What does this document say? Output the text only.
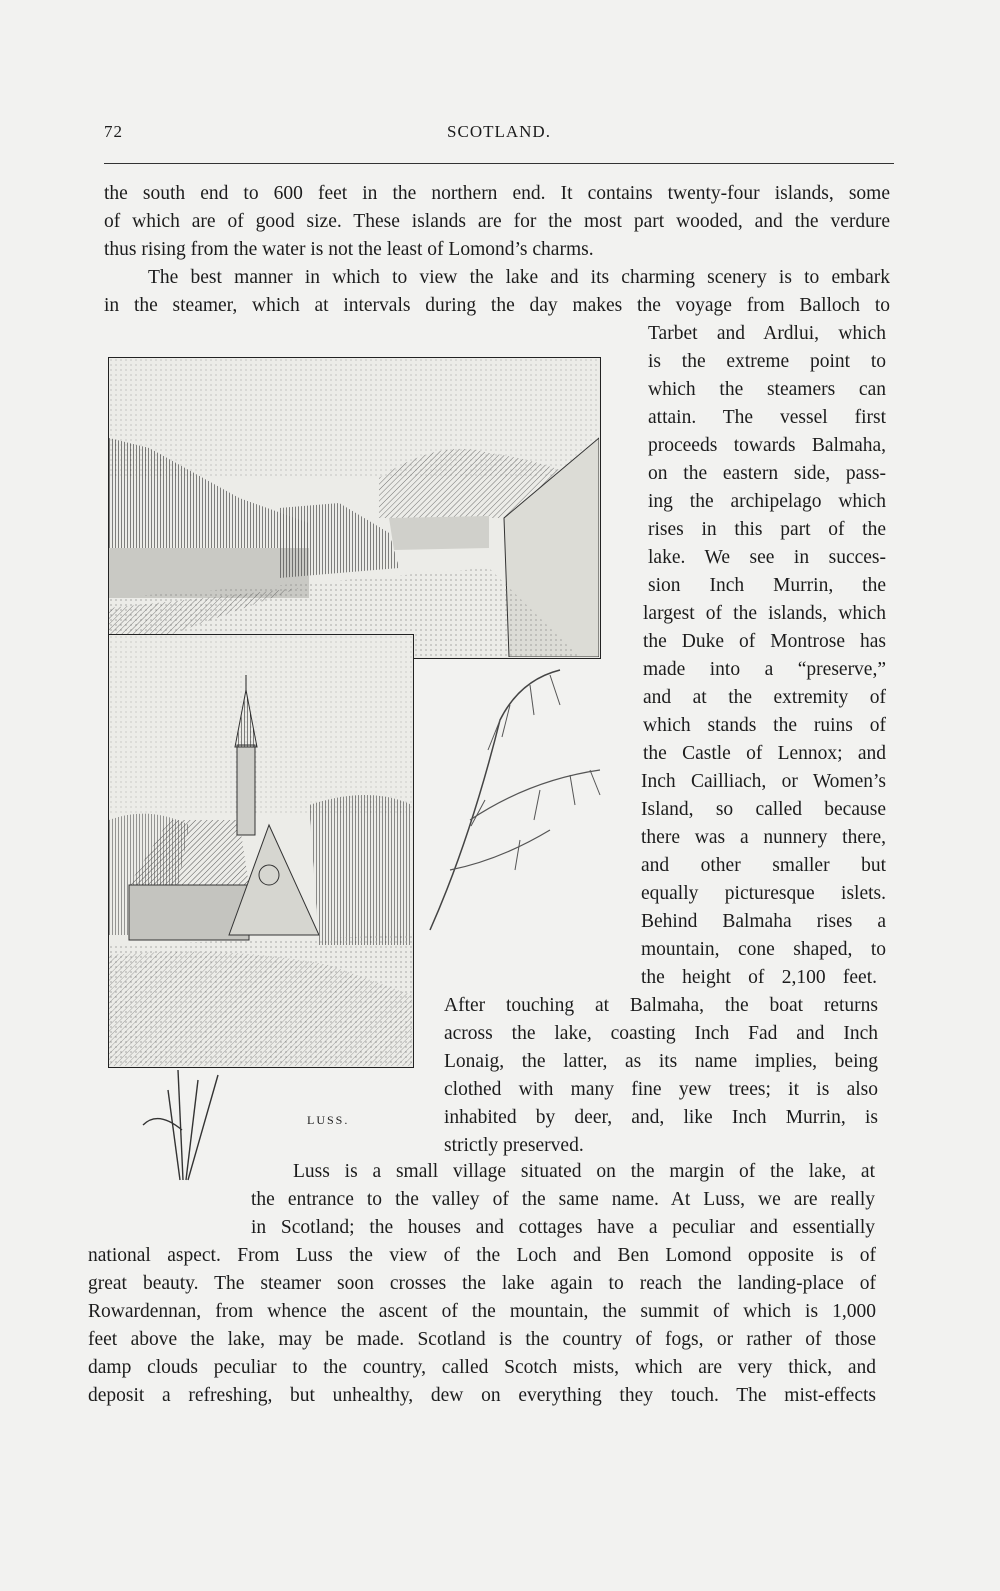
72	SCOTLAND.
the south end to 600 feet in the northern end. It contains twenty-four islands, some
of which are of good size. These islands are for the most part wooded, and the verdure
thus rising from the water is not the least of Lomond’s charms.
The best manner in which to view the lake and its charming scenery is to embark
in the steamer, which at intervals during the day makes the voyage from Balloch to
Tarbet and Ardlui, which
is the extreme point to
which the steamers can
attain. The vessel first
proceeds towards Balmaha,
on the eastern side, pass-
ing the archipelago which
rises in this part of the
lake. We see in succes-
sion Inch Murrin, the
largest of the islands, which
the Duke of Montrose has
made into a “preserve,”
and at the extremity of
which stands the ruins of
the Castle of Lennox; and
Inch Cailliach, or Women’s
Island, so called because
there was a nunnery there,
and other smaller but
equally picturesque islets.
Behind Balmaha rises a
mountain, cone shaped, to
the height of 2,100 feet.
After touching at Balmaha, the boat returns
across the lake, coasting Inch Fad and Inch
Lonaig, the latter, as its name implies, being
clothed with many fine yew trees; it is also
inhabited by deer, and, like Inch Murrin, is
strictly preserved.
Luss is a small village situated on the margin of the lake, at
the entrance to the valley of the same name. At Luss, we are really
in Scotland; the houses and cottages have a peculiar and essentially
national aspect. From Luss the view of the Loch and Ben Lomond opposite is of
great beauty. The steamer soon crosses the lake again to reach the landing-place of
Rowardennan, from whence the ascent of the mountain, the summit of which is 1,000
feet above the lake, may be made. Scotland is the country of fogs, or rather of those
damp clouds peculiar to the country, called Scotch mists, which are very thick, and
deposit a refreshing, but unhealthy, dew on everything they touch. The mist-effects
LUSS.
